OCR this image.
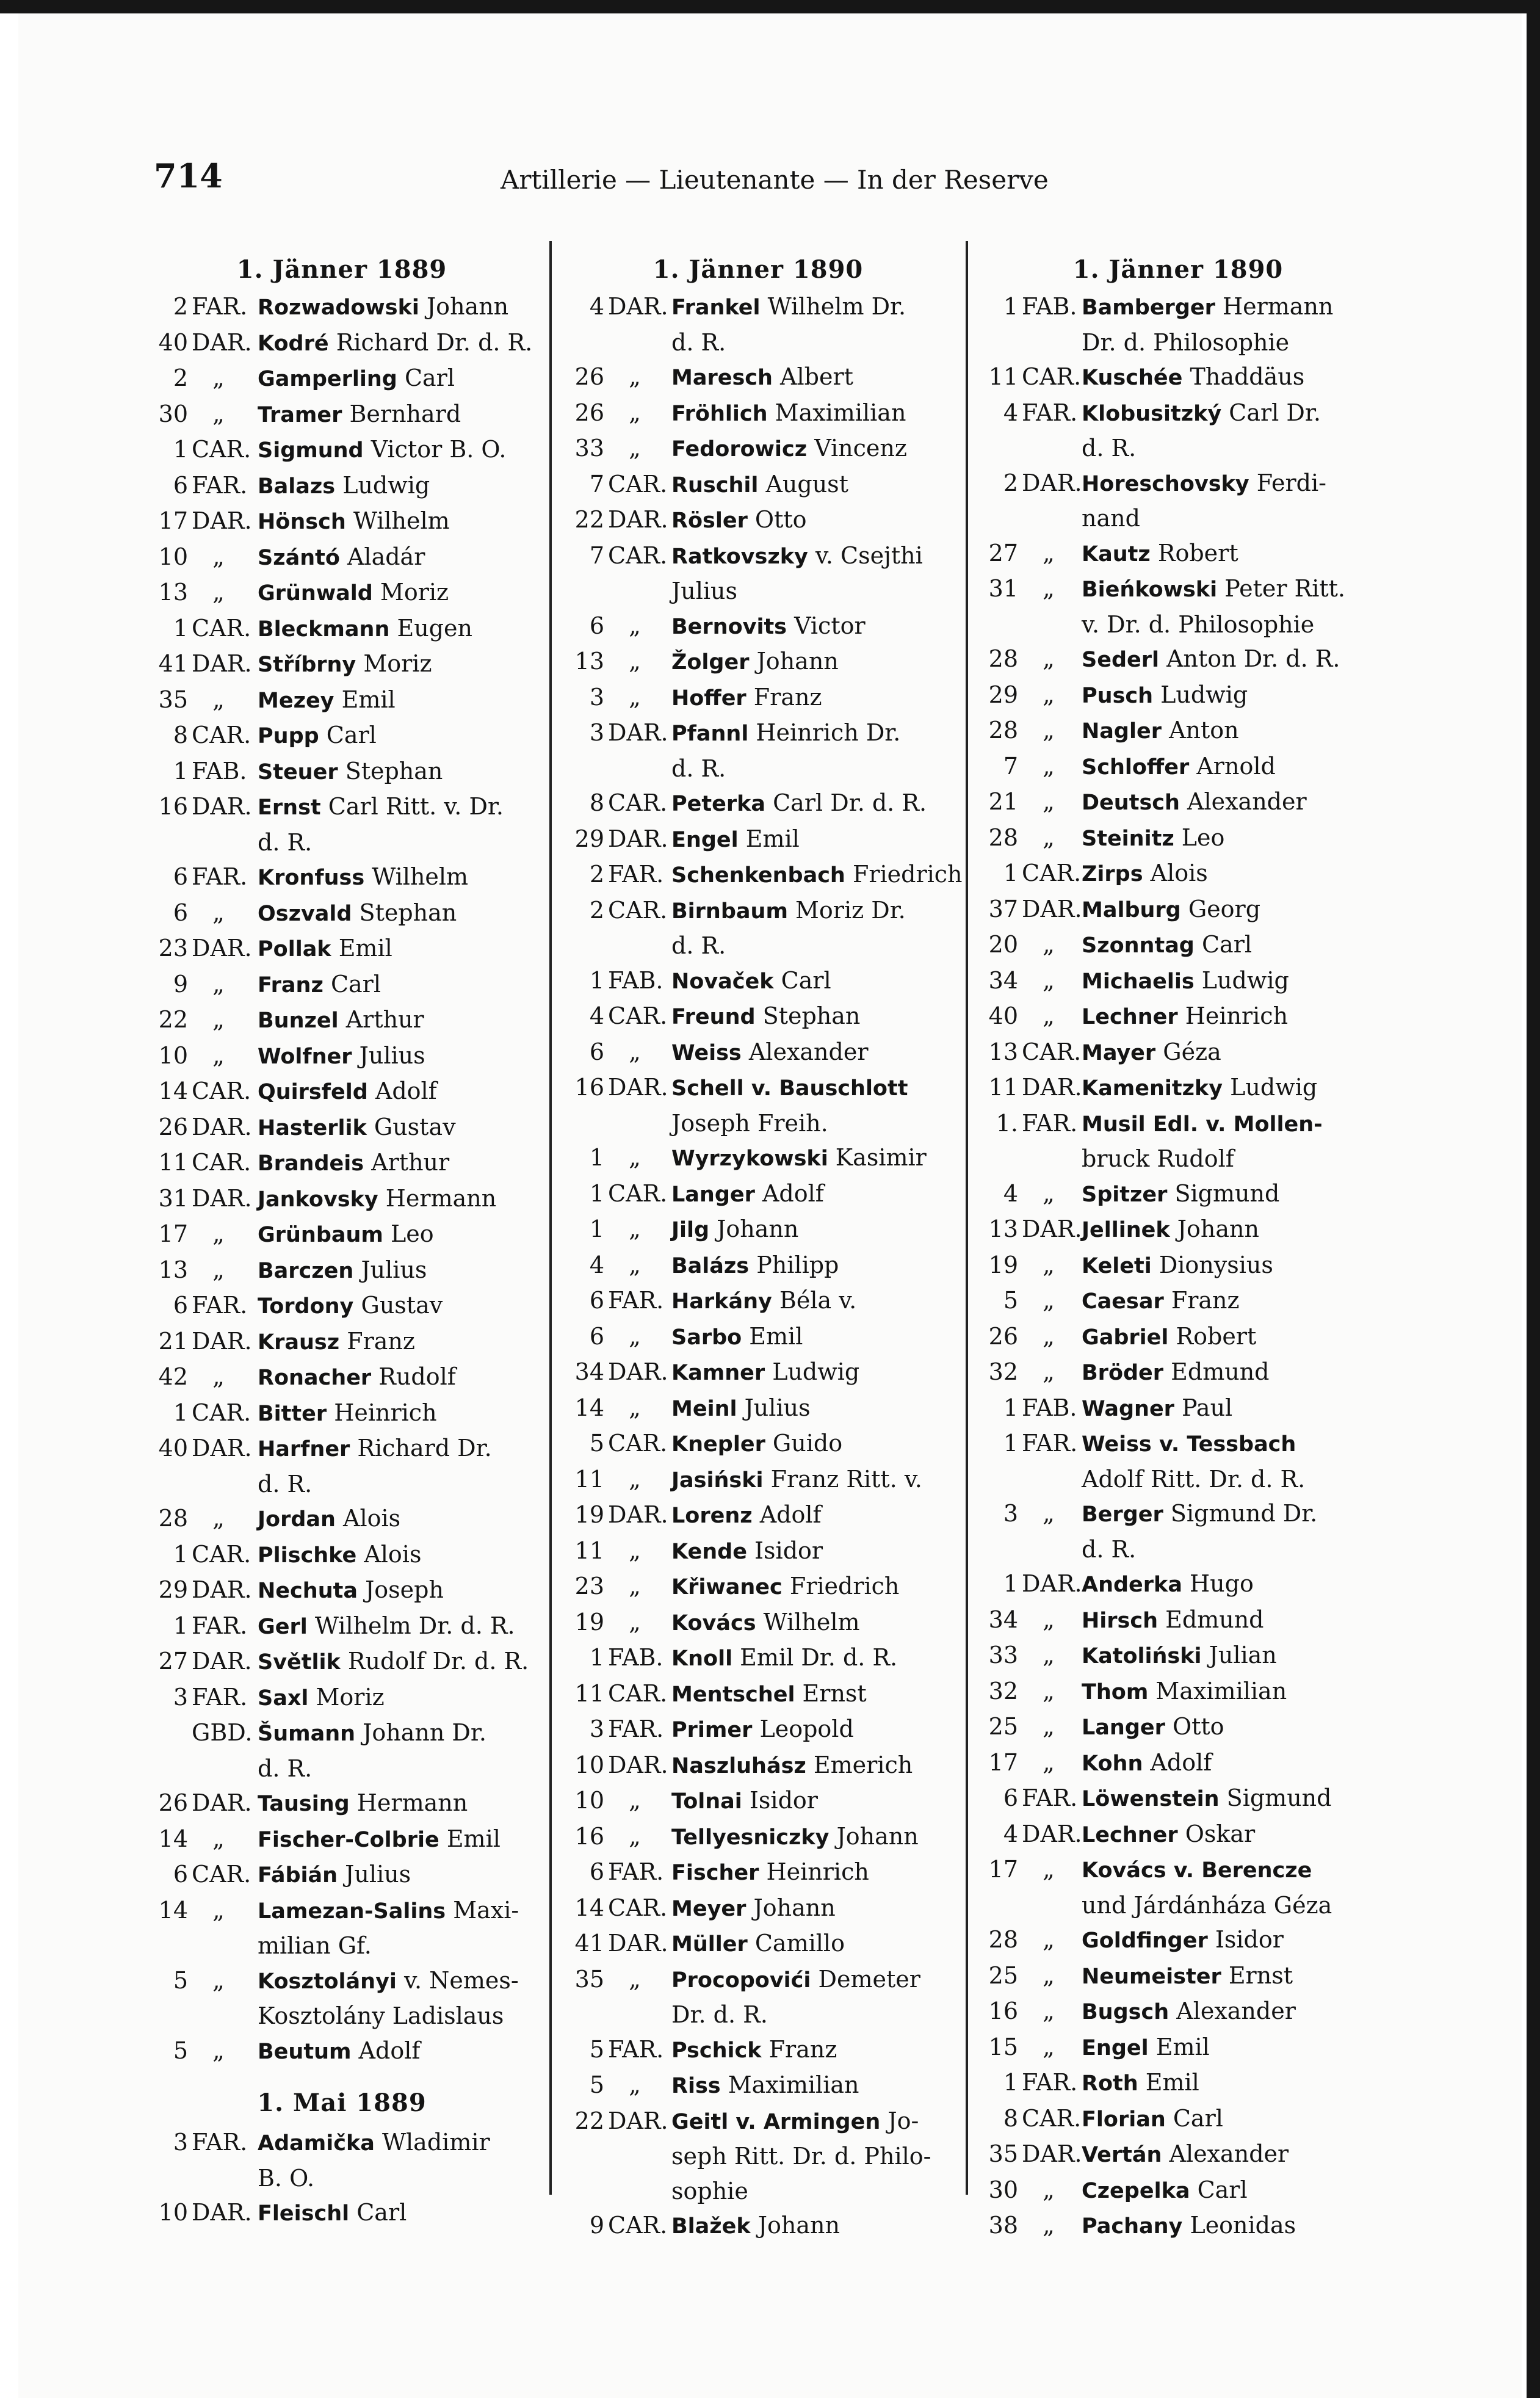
714	Artillerie — Lieutenante — In der Reserve
1. Jänner 1889
2 FAR. Rozwadowski Johann
40 DAR. Kodré Richard Dr. d. R.
2 „	Gamperling Carl
30 „	Tramer Bernhard
1 CAR. Sigmund Victor B. O.
6 FAR. Balazs Ludwig
17 DAR. Hönsch Wilhelm
10 „	Szántó Aladár
13 „	Grünwald Moriz
1 CAR. Bleckmann Eugen
41 DAR. Stříbrny Moriz
35 „	Mezey Emil
8 CAR. Pupp Carl
1 FAB. Steuer Stephan
16 DAR. Ernst Carl Ritt. v. Dr.
d. R.
6 FAR. Kronfuss Wilhelm
6 „	Oszvald Stephan
23 DAR. Pollak Emil
9 „	Franz Carl
22 „	Bunzel Arthur
10 „	Wolfner Julius
14 CAR. Quirsfeld Adolf
26 DAR. Hasterlik Gustav
11 CAR. Brandeis Arthur
31 DAR. Jankovsky Hermann
17 „	Grünbaum Leo
13 „	Barczen Julius
6 FAR. Tordony Gustav
21 DAR. Krausz Franz
42 „	Ronacher Rudolf
1 CAR. Bitter Heinrich
40 DAR. Harfner Richard Dr.
d. R.
28 „	Jordan Alois
1 CAR. Plischke Alois
29 DAR. Nechuta Joseph
1 FAR. Gerl Wilhelm Dr. d. R.
27 DAR. Světlik Rudolf Dr. d. R.
3 FAR. Saxl Moriz
GBD. Šumann Johann Dr.
d. R.
26 DAR. Tausing Hermann
14 „	Fischer-Colbrie Emil
6 CAR. Fábián Julius
14 „	Lamezan-Salins Maxi-
milian Gf.
5 „	Kosztolányi v. Nemes-
Kosztolány Ladislaus
5 „	Beutum Adolf
1. Mai 1889
3 FAR. Adamička Wladimir
B. O.
10 DAR. Fleischl Carl
1. Jänner 1890
4 DAR. Frankel Wilhelm Dr.
d. R.
26 „	Maresch Albert
26 „	Fröhlich Maximilian
33 „	Fedorowicz Vincenz
7 CAR. Ruschil August
22 DAR. Rösler Otto
7 CAR. Ratkovszky v. Csejthi
Julius
6 „	Bernovits Victor
13 „	Žolger Johann
3 „	Hoffer Franz
3 DAR. Pfannl Heinrich Dr.
d. R.
8 CAR. Peterka Carl Dr. d. R.
29 DAR. Engel Emil
2 FAR. Schenkenbach Friedrich
2 CAR. Birnbaum Moriz Dr.
d. R.
1 FAB. Novaček Carl
4 CAR. Freund Stephan
6 „	Weiss Alexander
16 DAR. Schell v. Bauschlott
Joseph Freih.
1 „	Wyrzykowski Kasimir
1 CAR. Langer Adolf
1 „	Jilg Johann
4 „	Balázs Philipp
6 FAR. Harkány Béla v.
6 „	Sarbo Emil
34 DAR. Kamner Ludwig
14 „	Meinl Julius
5 CAR. Knepler Guido
11 „	Jasiński Franz Ritt. v.
19 DAR. Lorenz Adolf
11 „	Kende Isidor
23 „	Křiwanec Friedrich
19 „	Kovács Wilhelm
1 FAB. Knoll Emil Dr. d. R.
11 CAR. Mentschel Ernst
3 FAR. Primer Leopold
10 DAR. Naszluhász Emerich
10 „	Tolnai Isidor
16 „	Tellyesniczky Johann
6 FAR. Fischer Heinrich
14 CAR. Meyer Johann
41 DAR. Müller Camillo
35 „	Procopovići Demeter
Dr. d. R.
5 FAR. Pschick Franz
5 „	Riss Maximilian
22 DAR. Geitl v. Armingen Jo-
seph Ritt. Dr. d. Philo-
sophie
9 CAR. Blažek Johann
1. Jänner 1890
1 FAB. Bamberger Hermann
Dr. d. Philosophie
11 CAR. Kuschée Thaddäus
4 FAR. Klobusitzký Carl Dr.
d. R.
2 DAR. Horeschovsky Ferdi-
nand
27 „	Kautz Robert
31 „	Bieńkowski Peter Ritt.
v. Dr. d. Philosophie
28 „	Sederl Anton Dr. d. R.
29 „	Pusch Ludwig
28 „	Nagler Anton
7 „	Schloffer Arnold
21 „	Deutsch Alexander
28 „	Steinitz Leo
1 CAR. Zirps Alois
37 DAR. Malburg Georg
20 „	Szonntag Carl
34 „	Michaelis Ludwig
40 „	Lechner Heinrich
13 CAR. Mayer Géza
11 DAR. Kamenitzky Ludwig
1. FAR. Musil Edl. v. Mollen-
bruck Rudolf
4 „	Spitzer Sigmund
13 DAR. Jellinek Johann
19 „	Keleti Dionysius
5 „	Caesar Franz
26 „	Gabriel Robert
32 „	Bröder Edmund
1 FAB. Wagner Paul
1 FAR. Weiss v. Tessbach
Adolf Ritt. Dr. d. R.
3 „	Berger Sigmund Dr.
d. R.
1 DAR. Anderka Hugo
34 „	Hirsch Edmund
33 „	Katoliński Julian
32 „	Thom Maximilian
25 „	Langer Otto
17 „	Kohn Adolf
6 FAR. Löwenstein Sigmund
4 DAR. Lechner Oskar
17 „	Kovács v. Berencze
und Járdánháza Géza
28 „	Goldfinger Isidor
25 „	Neumeister Ernst
16 „	Bugsch Alexander
15 „	Engel Emil
1 FAR. Roth Emil
8 CAR. Florian Carl
35 DAR. Vertán Alexander
30 „	Czepelka Carl
38 „	Pachany Leonidas
